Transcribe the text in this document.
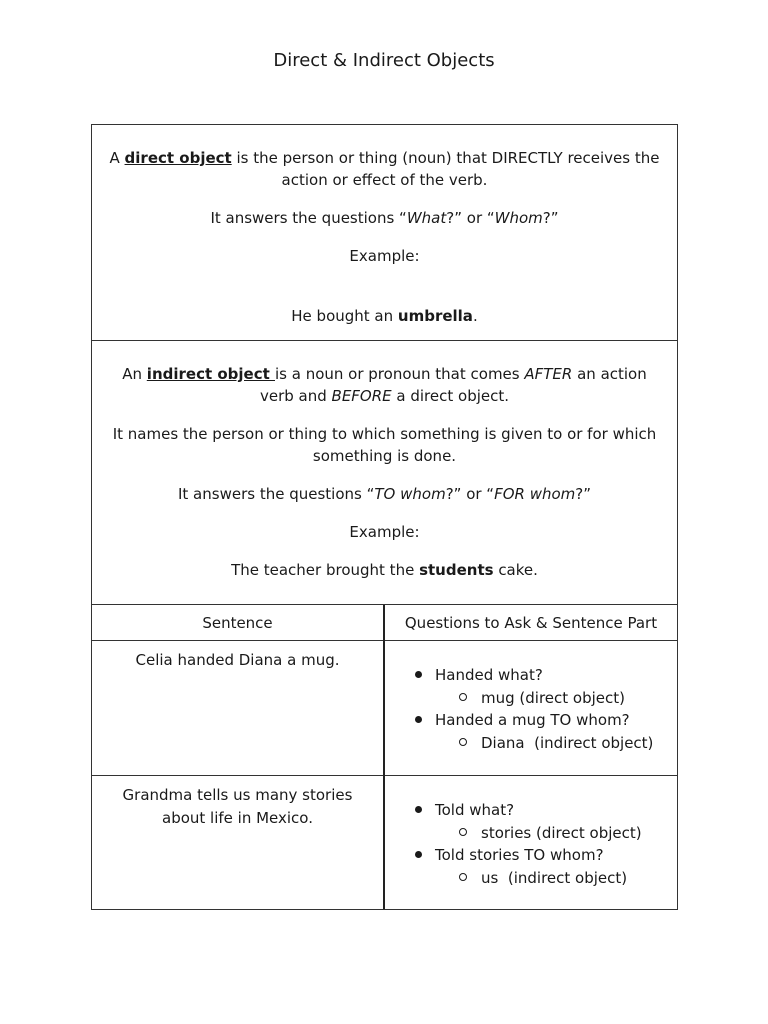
Direct & Indirect Objects

A direct object is the person or thing (noun) that DIRECTLY receives the action or effect of the verb.

It answers the questions “What?” or “Whom?”

Example:

He bought an umbrella.

An indirect object is a noun or pronoun that comes AFTER an action verb and BEFORE a direct object.

It names the person or thing to which something is given to or for which something is done.

It answers the questions “TO whom?” or “FOR whom?”

Example:

The teacher brought the students cake.

Sentence
Celia handed Diana a mug.
Grandma tells us many stories about life in Mexico.
Questions to Ask & Sentence Part
Handed what?
mug (direct object)
Handed a mug TO whom?
Diana  (indirect object)
Told what?
stories (direct object)
Told stories TO whom?
us  (indirect object)
